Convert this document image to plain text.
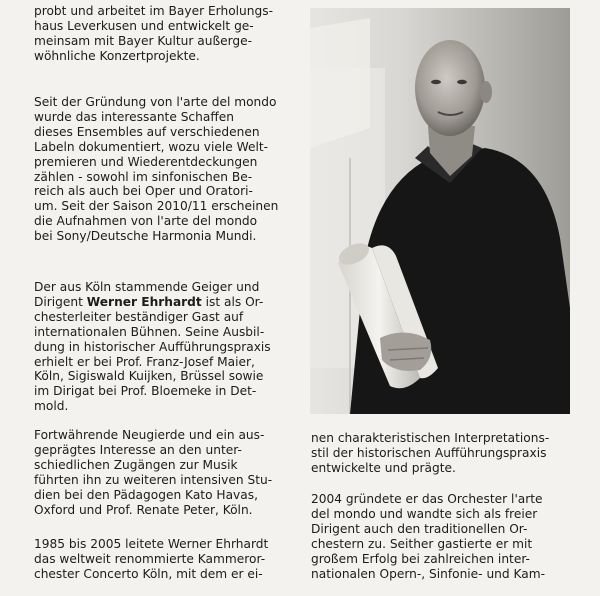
probt und arbeitet im Bayer Erholungs-
haus Leverkusen und entwickelt ge-
meinsam mit Bayer Kultur außerge-
wöhnliche Konzertprojekte.

Seit der Gründung von l'arte del mondo
wurde das interessante Schaffen
dieses Ensembles auf verschiedenen
Labeln dokumentiert, wozu viele Welt-
premieren und Wiederentdeckungen
zählen - sowohl im sinfonischen Be-
reich als auch bei Oper und Oratori-
um. Seit der Saison 2010/11 erscheinen
die Aufnahmen von l'arte del mondo
bei Sony/Deutsche Harmonia Mundi.

Der aus Köln stammende Geiger und
Dirigent Werner Ehrhardt ist als Or-
chesterleiter beständiger Gast auf
internationalen Bühnen. Seine Ausbil-
dung in historischer Aufführungspraxis
erhielt er bei Prof. Franz-Josef Maier,
Köln, Sigiswald Kuijken, Brüssel sowie
im Dirigat bei Prof. Bloemeke in Det-
mold.

Fortwährende Neugierde und ein aus-
geprägtes Interesse an den unter-
schiedlichen Zugängen zur Musik
führten ihn zu weiteren intensiven Stu-
dien bei den Pädagogen Kato Havas,
Oxford und Prof. Renate Peter, Köln.

1985 bis 2005 leitete Werner Ehrhardt
das weltweit renommierte Kammeror-
chester Concerto Köln, mit dem er ei-

nen charakteristischen Interpretations-
stil der historischen Aufführungspraxis
entwickelte und prägte.

2004 gründete er das Orchester l'arte
del mondo und wandte sich als freier
Dirigent auch den traditionellen Or-
chestern zu. Seither gastierte er mit
großem Erfolg bei zahlreichen inter-
nationalen Opern-, Sinfonie- und Kam-
